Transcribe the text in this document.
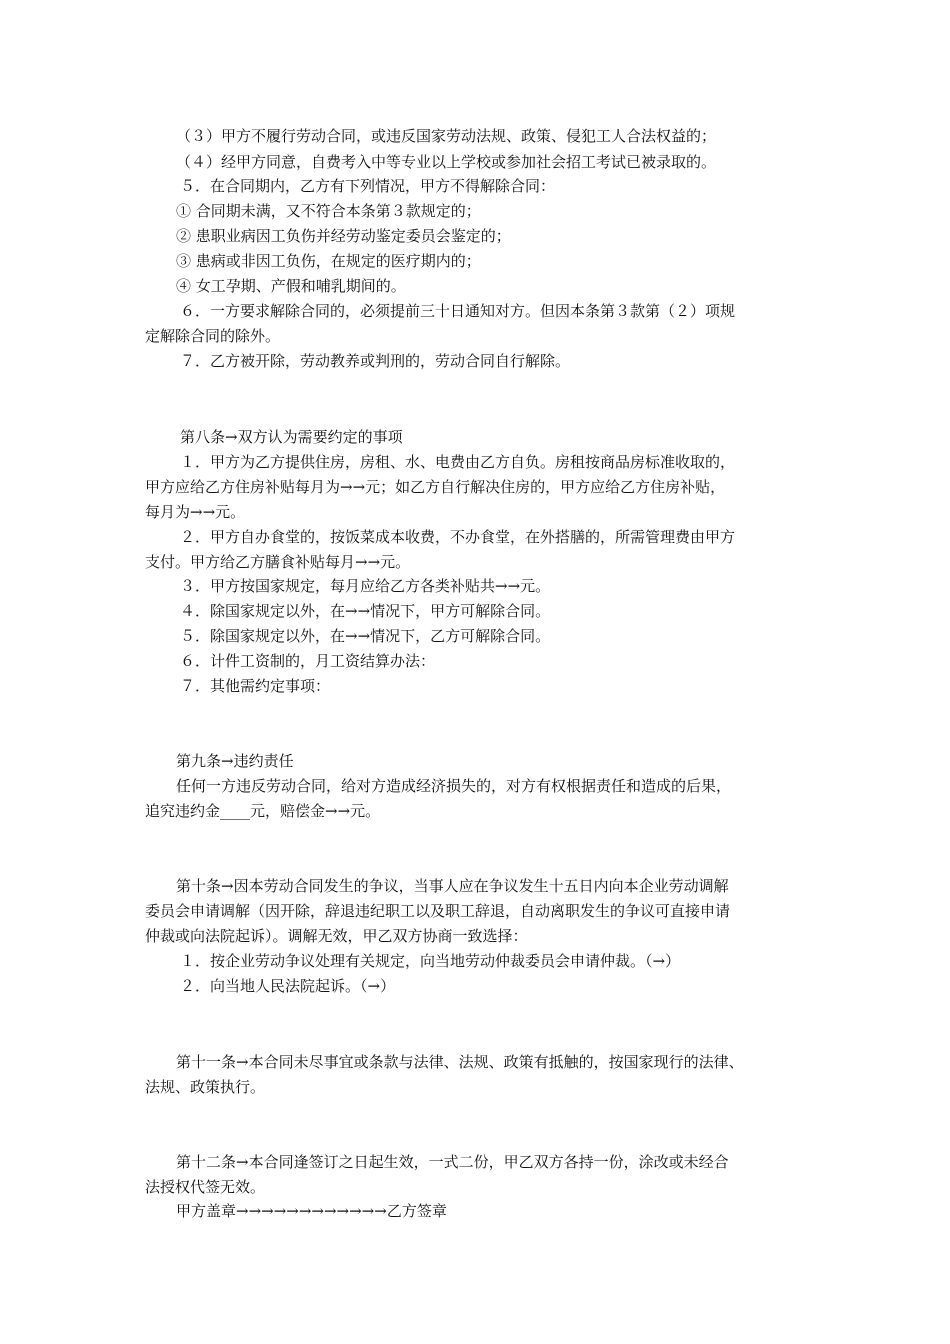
（３）甲方不履行劳动合同，或违反国家劳动法规、政策、侵犯工人合法权益的；
（４）经甲方同意，自费考入中等专业以上学校或参加社会招工考试已被录取的。
５．在合同期内，乙方有下列情况，甲方不得解除合同：
① 合同期未满，又不符合本条第３款规定的；
② 患职业病因工负伤并经劳动鉴定委员会鉴定的；
③ 患病或非因工负伤，在规定的医疗期内的；
④ 女工孕期、产假和哺乳期间的。
６．一方要求解除合同的，必须提前三十日通知对方。但因本条第３款第（２）项规
定解除合同的除外。
７．乙方被开除，劳动教养或判刑的，劳动合同自行解除。
第八条→双方认为需要约定的事项
１．甲方为乙方提供住房，房租、水、电费由乙方自负。房租按商品房标准收取的，
甲方应给乙方住房补贴每月为→→元；如乙方自行解决住房的，甲方应给乙方住房补贴，
每月为→→元。
２．甲方自办食堂的，按饭菜成本收费，不办食堂，在外搭膳的，所需管理费由甲方
支付。甲方给乙方膳食补贴每月→→元。
３．甲方按国家规定，每月应给乙方各类补贴共→→元。
４．除国家规定以外，在→→情况下，甲方可解除合同。
５．除国家规定以外，在→→情况下，乙方可解除合同。
６．计件工资制的，月工资结算办法：
７．其他需约定事项：
第九条→违约责任
任何一方违反劳动合同，给对方造成经济损失的，对方有权根据责任和造成的后果，
追究违约金____元，赔偿金→→元。
第十条→因本劳动合同发生的争议，当事人应在争议发生十五日内向本企业劳动调解
委员会申请调解（因开除，辞退违纪职工以及职工辞退，自动离职发生的争议可直接申请
仲裁或向法院起诉）。调解无效，甲乙双方协商一致选择：
１．按企业劳动争议处理有关规定，向当地劳动仲裁委员会申请仲裁。（→）
２．向当地人民法院起诉。（→）
第十一条→本合同未尽事宜或条款与法律、法规、政策有抵触的，按国家现行的法律、
法规、政策执行。
第十二条→本合同逢签订之日起生效，一式二份，甲乙双方各持一份，涂改或未经合
法授权代签无效。
甲方盖章→→→→→→→→→→→→乙方签章
